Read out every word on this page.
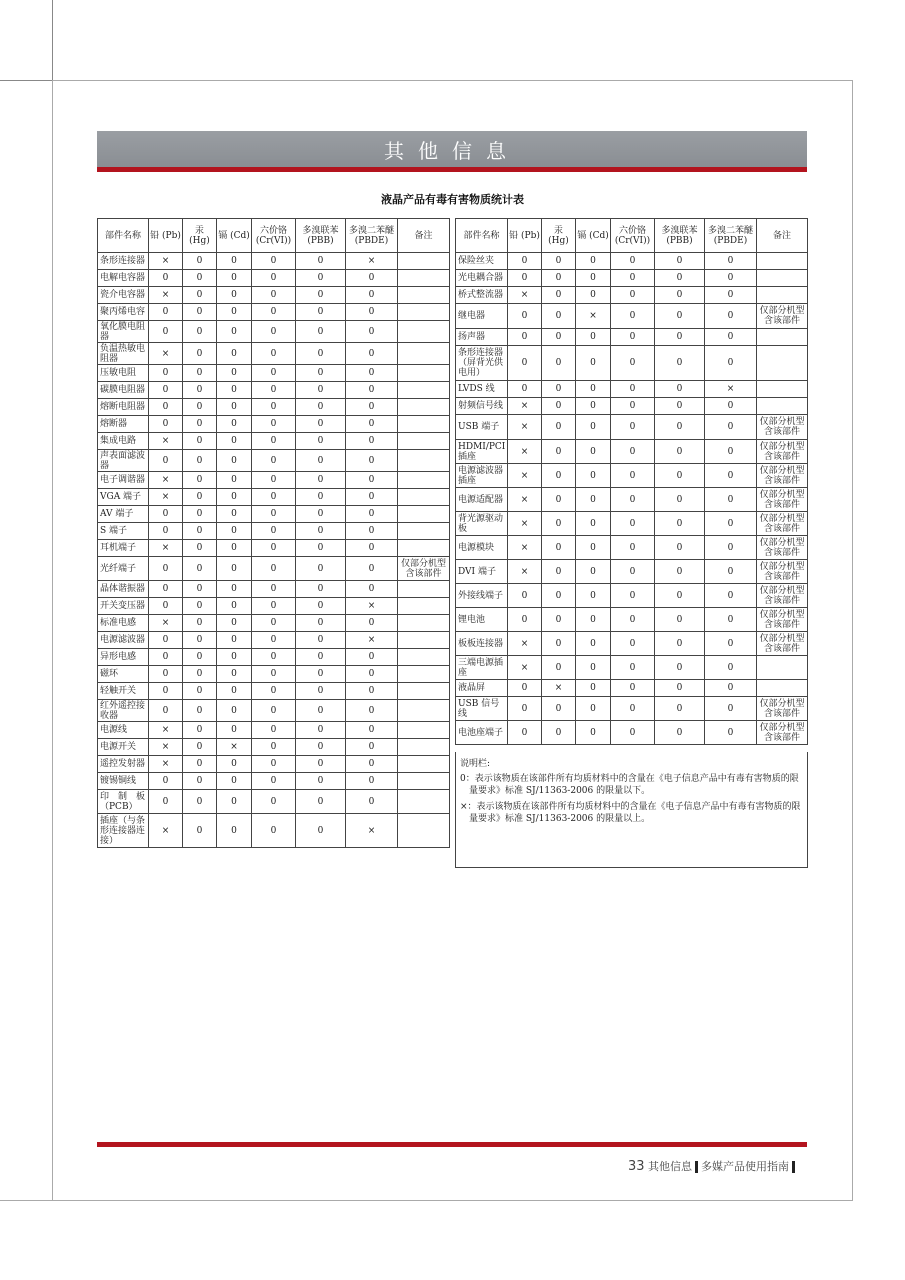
其他信息
液晶产品有毒有害物质统计表
部件名称	铅 (Pb)	汞 (Hg)	镉 (Cd)	六价铬 (Cr(VI))	多溴联苯 (PBB)	多溴二苯醚 (PBDE)	备注
条形连接器	×	0	0	0	0	×	
电解电容器	0	0	0	0	0	0	
瓷介电容器	×	0	0	0	0	0	
聚丙烯电容	0	0	0	0	0	0	
氧化膜电阻器	0	0	0	0	0	0	
负温热敏电阻器	×	0	0	0	0	0	
压敏电阻	0	0	0	0	0	0	
碳膜电阻器	0	0	0	0	0	0	
熔断电阻器	0	0	0	0	0	0	
熔断器	0	0	0	0	0	0	
集成电路	×	0	0	0	0	0	
声表面滤波器	0	0	0	0	0	0	
电子调谐器	×	0	0	0	0	0	
VGA 端子	×	0	0	0	0	0	
AV 端子	0	0	0	0	0	0	
S 端子	0	0	0	0	0	0	
耳机端子	×	0	0	0	0	0	
光纤端子	0	0	0	0	0	0	仅部分机型含该部件
晶体谐振器	0	0	0	0	0	0	
开关变压器	0	0	0	0	0	×	
标准电感	×	0	0	0	0	0	
电源滤波器	0	0	0	0	0	×	
异形电感	0	0	0	0	0	0	
磁环	0	0	0	0	0	0	
轻触开关	0	0	0	0	0	0	
红外遥控接收器	0	0	0	0	0	0	
电源线	×	0	0	0	0	0	
电源开关	×	0	×	0	0	0	
遥控发射器	×	0	0	0	0	0	
镀锡铜线	0	0	0	0	0	0	
印　制　板（PCB）	0	0	0	0	0	0	
插座（与条形连接器连接）	×	0	0	0	0	×	
部件名称	铅 (Pb)	汞 (Hg)	镉 (Cd)	六价铬 (Cr(VI))	多溴联苯 (PBB)	多溴二苯醚 (PBDE)	备注
保险丝夹	0	0	0	0	0	0	
光电耦合器	0	0	0	0	0	0	
桥式整流器	×	0	0	0	0	0	
继电器	0	0	×	0	0	0	仅部分机型含该部件
扬声器	0	0	0	0	0	0	
条形连接器（屏背光供电用）	0	0	0	0	0	0	
LVDS 线	0	0	0	0	0	×	
射频信号线	×	0	0	0	0	0	
USB 端子	×	0	0	0	0	0	仅部分机型含该部件
HDMI/PCI 插座	×	0	0	0	0	0	仅部分机型含该部件
电源滤波器插座	×	0	0	0	0	0	仅部分机型含该部件
电源适配器	×	0	0	0	0	0	仅部分机型含该部件
背光源驱动板	×	0	0	0	0	0	仅部分机型含该部件
电源模块	×	0	0	0	0	0	仅部分机型含该部件
DVI 端子	×	0	0	0	0	0	仅部分机型含该部件
外接线端子	0	0	0	0	0	0	仅部分机型含该部件
锂电池	0	0	0	0	0	0	仅部分机型含该部件
板板连接器	×	0	0	0	0	0	仅部分机型含该部件
三端电源插座	×	0	0	0	0	0	
液晶屏	0	×	0	0	0	0	
USB 信号线	0	0	0	0	0	0	仅部分机型含该部件
电池座端子	0	0	0	0	0	0	仅部分机型含该部件
说明栏:

0：表示该物质在该部件所有均质材料中的含量在《电子信息产品中有毒有害物质的限量要求》标准 SJ/11363-2006 的限量以下。

×：表示该物质在该部件所有均质材料中的含量在《电子信息产品中有毒有害物质的限量要求》标准 SJ/11363-2006 的限量以上。

33 其他信息 多媒产品使用指南
